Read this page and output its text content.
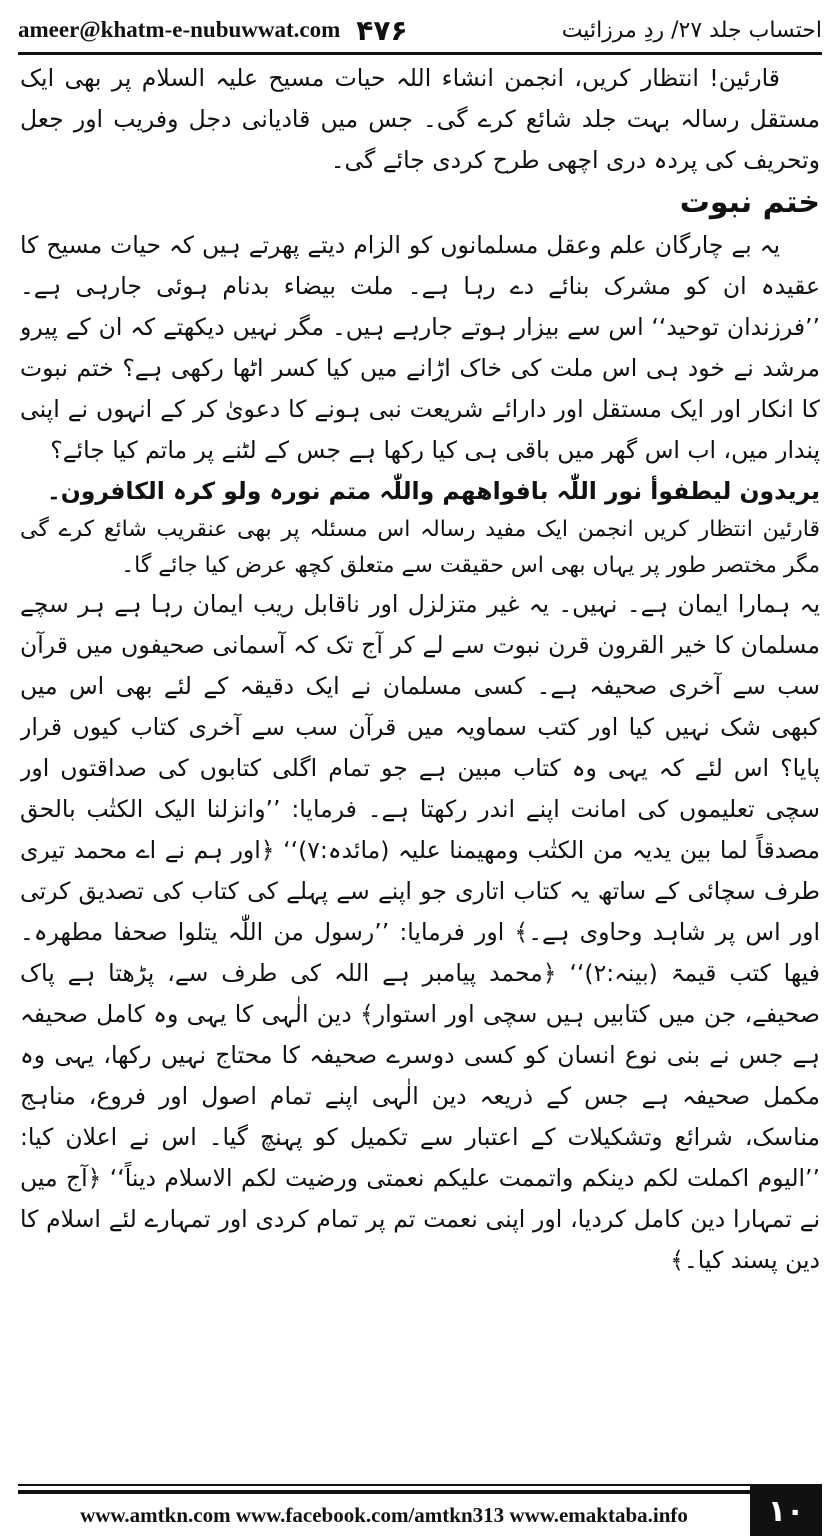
ameer@khatm-e-nubuwwat.com ۴۷۶	احتساب جلد ۲۷/ ردِ مرزائیت

قارئین! انتظار کریں، انجمن انشاء اللہ حیات مسیح علیہ السلام پر بھی ایک مستقل رسالہ بہت جلد شائع کرے گی۔ جس میں قادیانی دجل وفریب اور جعل وتحریف کی پردہ دری اچھی طرح کردی جائے گی۔

ختم نبوت

یہ بے چارگان علم وعقل مسلمانوں کو الزام دیتے پھرتے ہیں کہ حیات مسیح کا عقیدہ ان کو مشرک بنائے دے رہا ہے۔ ملت بیضاء بدنام ہوئی جارہی ہے۔ ’’فرزندان توحید‘‘ اس سے بیزار ہوتے جارہے ہیں۔ مگر نہیں دیکھتے کہ ان کے پیرو مرشد نے خود ہی اس ملت کی خاک اڑانے میں کیا کسر اٹھا رکھی ہے؟ ختم نبوت کا انکار اور ایک مستقل اور دارائے شریعت نبی ہونے کا دعویٰ کر کے انہوں نے اپنی پندار میں، اب اس گھر میں باقی ہی کیا رکھا ہے جس کے لٹنے پر ماتم کیا جائے؟

یریدون لیطفوأ نور اللّٰہ بافواھھم واللّٰہ متم نورہ ولو کرہ الکافرون۔

قارئین انتظار کریں انجمن ایک مفید رسالہ اس مسئلہ پر بھی عنقریب شائع کرے گی مگر مختصر طور پر یہاں بھی اس حقیقت سے متعلق کچھ عرض کیا جائے گا۔

یہ ہمارا ایمان ہے۔ نہیں۔ یہ غیر متزلزل اور ناقابل ریب ایمان رہا ہے ہر سچے مسلمان کا خیر القرون قرن نبوت سے لے کر آج تک کہ آسمانی صحیفوں میں قرآن سب سے آخری صحیفہ ہے۔ کسی مسلمان نے ایک دقیقہ کے لئے بھی اس میں کبھی شک نہیں کیا اور کتب سماویہ میں قرآن سب سے آخری کتاب کیوں قرار پایا؟ اس لئے کہ یہی وہ کتاب مبین ہے جو تمام اگلی کتابوں کی صداقتوں اور سچی تعلیموں کی امانت اپنے اندر رکھتا ہے۔ فرمایا: ’’وانزلنا الیک الکتٰب بالحق مصدقاً لما بین یدیہ من الکتٰب ومھیمنا علیہ (مائدہ:۷)‘‘ ﴿اور ہم نے اے محمد تیری طرف سچائی کے ساتھ یہ کتاب اتاری جو اپنے سے پہلے کی کتاب کی تصدیق کرتی اور اس پر شاہد وحاوی ہے۔﴾ اور فرمایا: ’’رسول من اللّٰہ یتلوا صحفا مطھرہ۔ فیھا کتب قیمۃ (بینہ:۲)‘‘ ﴿محمد پیامبر ہے اللہ کی طرف سے، پڑھتا ہے پاک صحیفے، جن میں کتابیں ہیں سچی اور استوار﴾ دین الٰہی کا یہی وہ کامل صحیفہ ہے جس نے بنی نوع انسان کو کسی دوسرے صحیفہ کا محتاج نہیں رکھا، یہی وہ مکمل صحیفہ ہے جس کے ذریعہ دین الٰہی اپنے تمام اصول اور فروع، مناہج مناسک، شرائع وتشکیلات کے اعتبار سے تکمیل کو پہنچ گیا۔ اس نے اعلان کیا: ’’الیوم اکملت لکم دینکم واتممت علیکم نعمتی ورضیت لکم الاسلام دیناً‘‘ ﴿آج میں نے تمہارا دین کامل کردیا، اور اپنی نعمت تم پر تمام کردی اور تمہارے لئے اسلام کا دین پسند کیا۔﴾

www.amtkn.com www.facebook.com/amtkn313 www.emaktaba.info	۱۰
